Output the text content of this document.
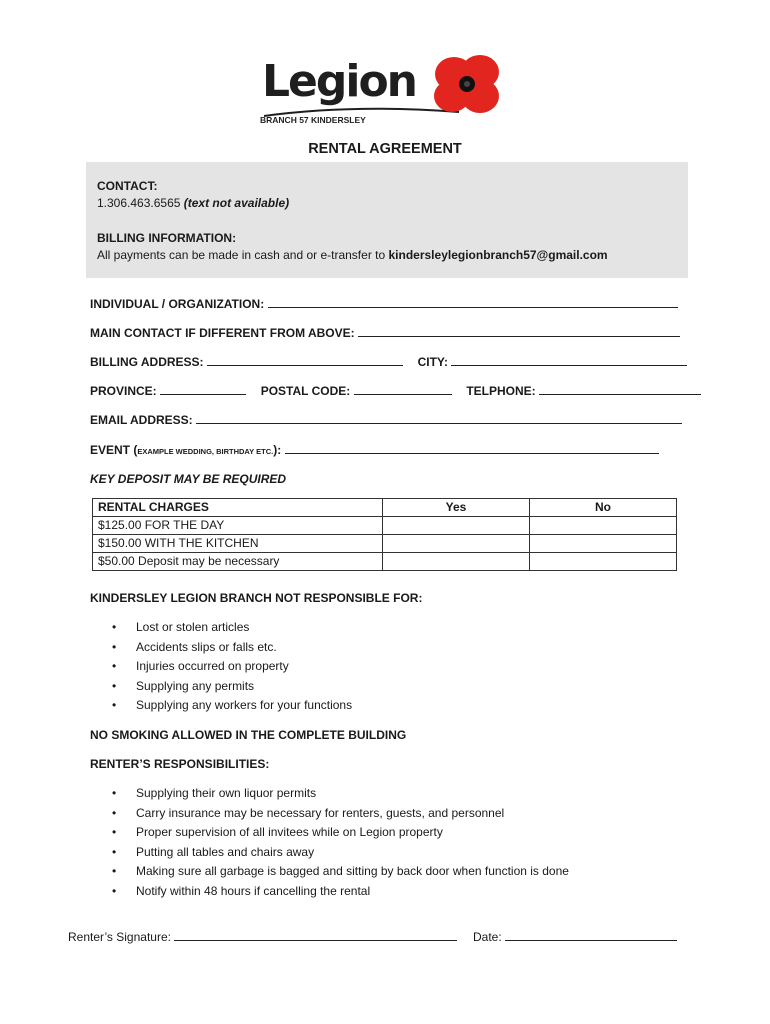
Legion
BRANCH 57 KINDERSLEY
RENTAL AGREEMENT
CONTACT:
1.306.463.6565 (text not available)
BILLING INFORMATION:
All payments can be made in cash and or e-transfer to kindersleylegionbranch57@gmail.com
INDIVIDUAL / ORGANIZATION:
MAIN CONTACT IF DIFFERENT FROM ABOVE:
BILLING ADDRESS:	CITY:
PROVINCE:	POSTAL CODE:	TELPHONE:
EMAIL ADDRESS:
EVENT (EXAMPLE WEDDING, BIRTHDAY ETC.):
KEY DEPOSIT MAY BE REQUIRED
RENTAL CHARGES	Yes	No
$125.00 FOR THE DAY		
$150.00 WITH THE KITCHEN		
$50.00 Deposit may be necessary		
KINDERSLEY LEGION BRANCH NOT RESPONSIBLE FOR:
• Lost or stolen articles
• Accidents slips or falls etc.
• Injuries occurred on property
• Supplying any permits
• Supplying any workers for your functions
NO SMOKING ALLOWED IN THE COMPLETE BUILDING
RENTER’S RESPONSIBILITIES:
• Supplying their own liquor permits
• Carry insurance may be necessary for renters, guests, and personnel
• Proper supervision of all invitees while on Legion property
• Putting all tables and chairs away
• Making sure all garbage is bagged and sitting by back door when function is done
• Notify within 48 hours if cancelling the rental
Renter’s Signature:	Date:
